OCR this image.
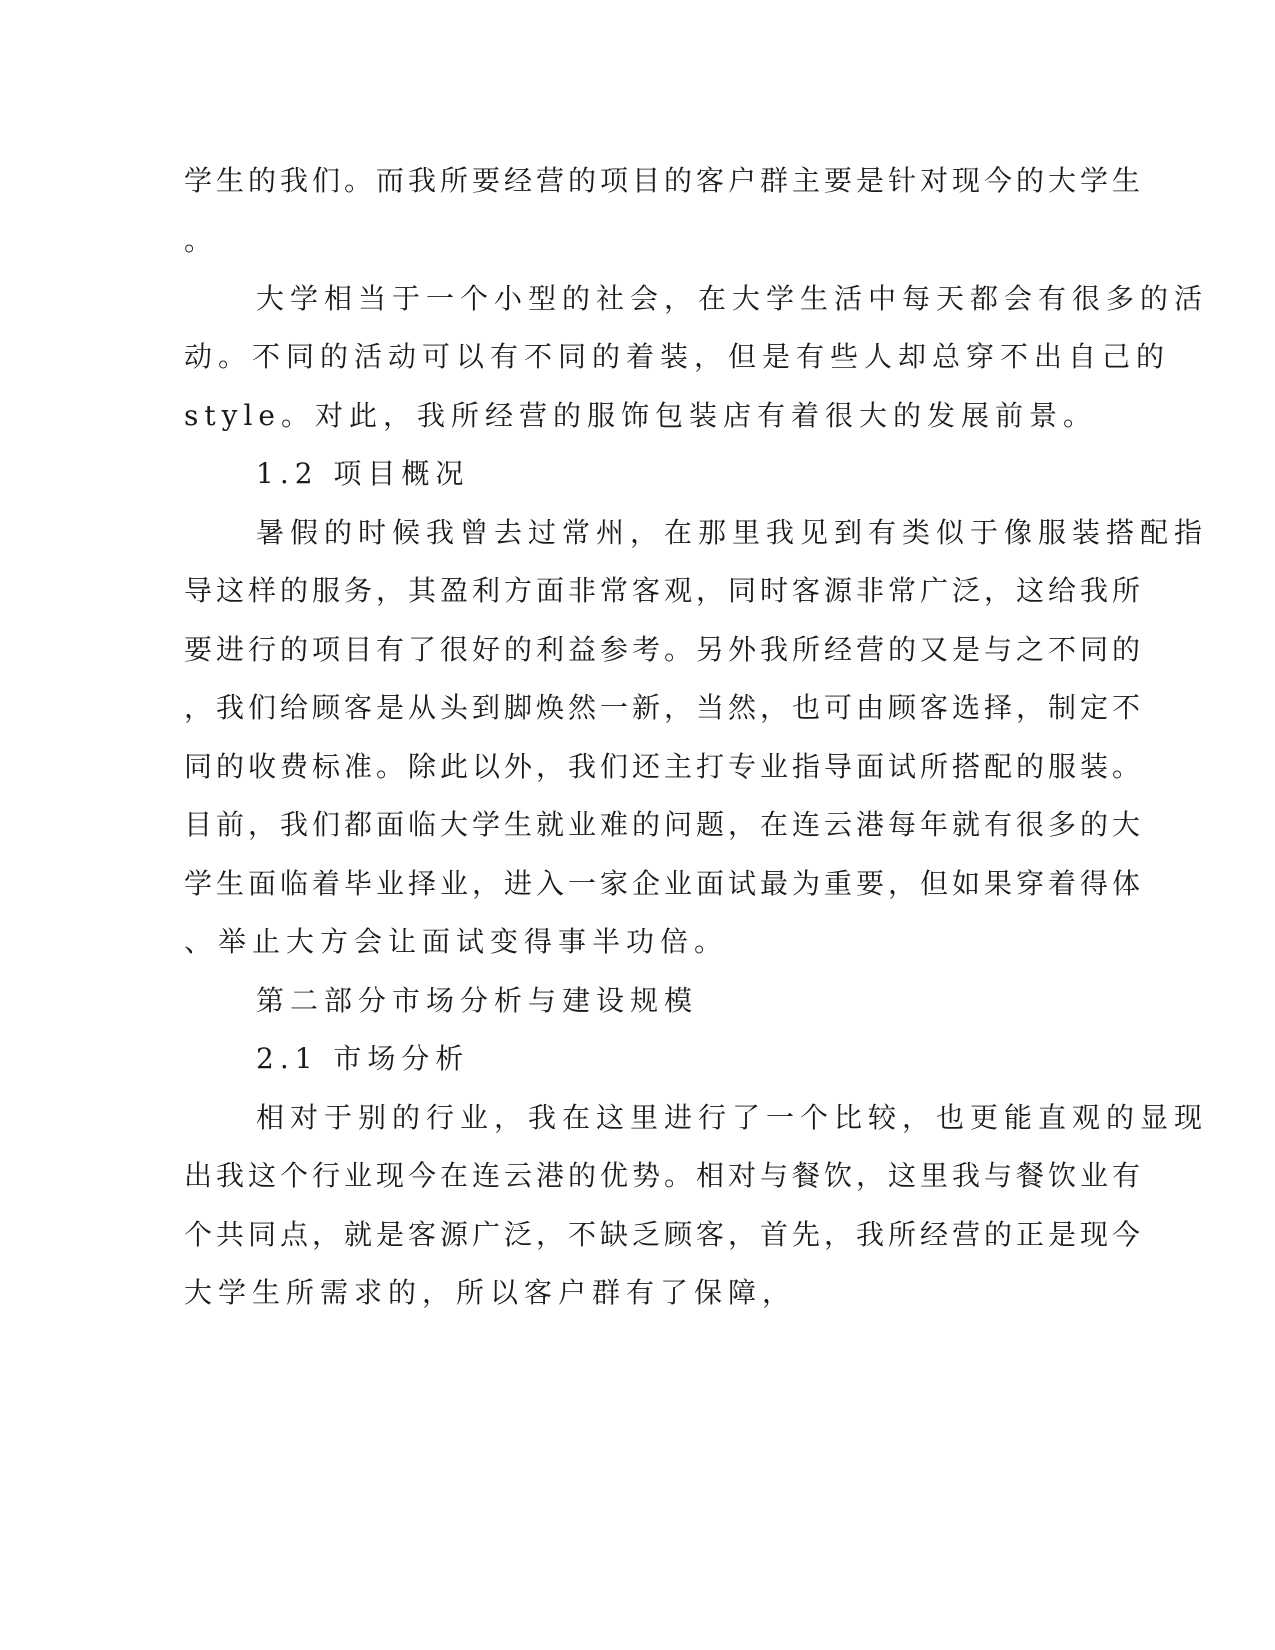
学生的我们。而我所要经营的项目的客户群主要是针对现今的大学生
。
大学相当于一个小型的社会，在大学生活中每天都会有很多的活
动。不同的活动可以有不同的着装，但是有些人却总穿不出自己的
style。对此，我所经营的服饰包装店有着很大的发展前景。
1.2 项目概况
暑假的时候我曾去过常州，在那里我见到有类似于像服装搭配指
导这样的服务，其盈利方面非常客观，同时客源非常广泛，这给我所
要进行的项目有了很好的利益参考。另外我所经营的又是与之不同的
，我们给顾客是从头到脚焕然一新，当然，也可由顾客选择，制定不
同的收费标准。除此以外，我们还主打专业指导面试所搭配的服装。
目前，我们都面临大学生就业难的问题，在连云港每年就有很多的大
学生面临着毕业择业，进入一家企业面试最为重要，但如果穿着得体
、举止大方会让面试变得事半功倍。
第二部分市场分析与建设规模
2.1 市场分析
相对于别的行业，我在这里进行了一个比较，也更能直观的显现
出我这个行业现今在连云港的优势。相对与餐饮，这里我与餐饮业有
个共同点，就是客源广泛，不缺乏顾客，首先，我所经营的正是现今
大学生所需求的，所以客户群有了保障，
